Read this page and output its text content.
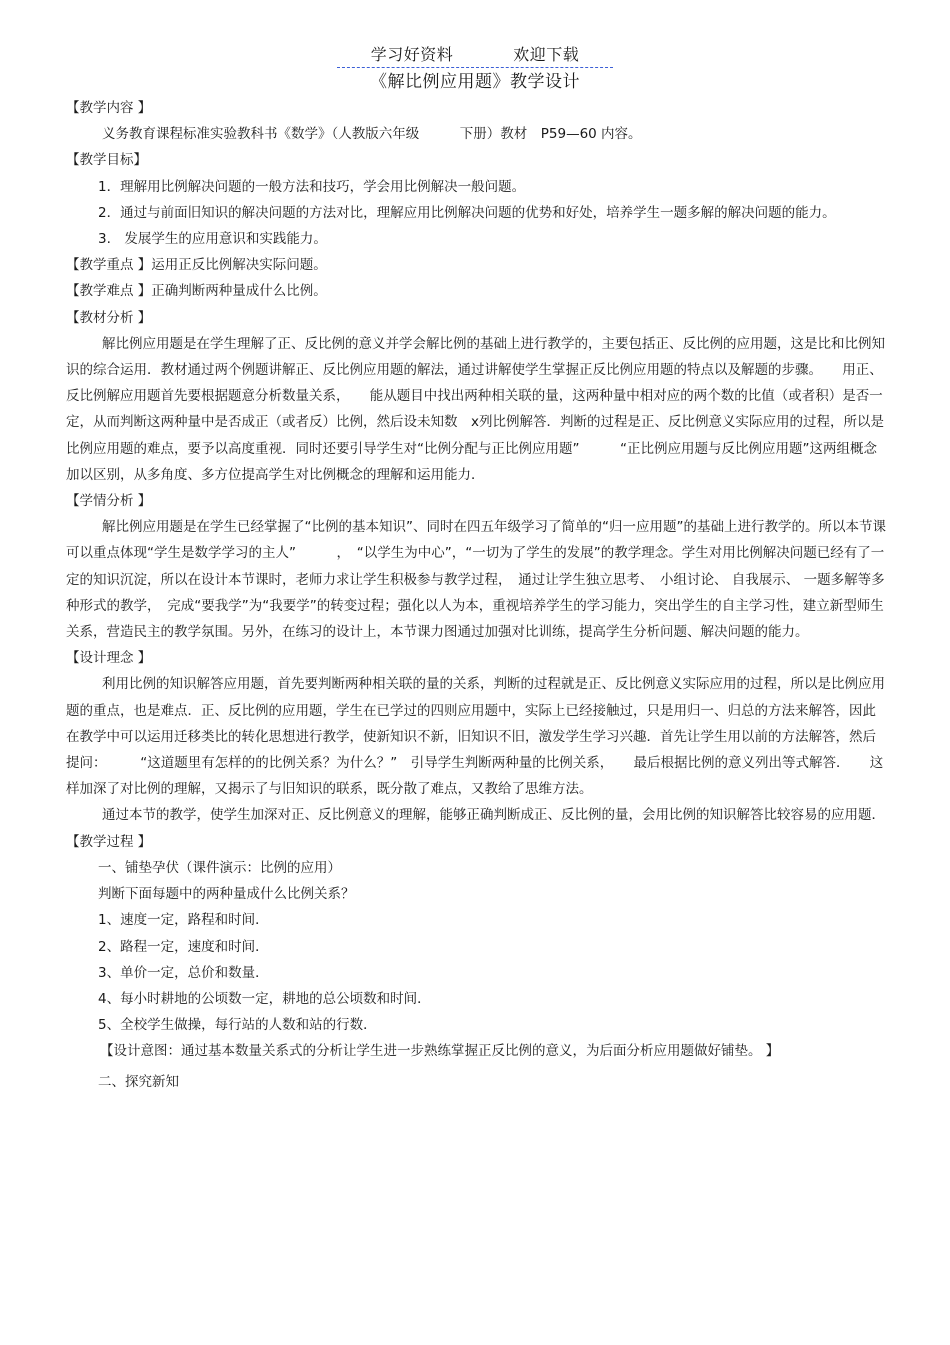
学习好资料	欢迎下载
《解比例应用题》教学设计

【教学内容 】

义务教育课程标准实验教科书《数学》（人教版六年级　　　下册）教材　P59—60 内容。

【教学目标】

1．理解用比例解决问题的一般方法和技巧，学会用比例解决一般问题。

2．通过与前面旧知识的解决问题的方法对比，理解应用比例解决问题的优势和好处，培养学生一题多解的解决问题的能力。

3.　发展学生的应用意识和实践能力。

【教学重点 】运用正反比例解决实际问题。

【教学难点 】正确判断两种量成什么比例。

【教材分析 】

解比例应用题是在学生理解了正、反比例的意义并学会解比例的基础上进行教学的，主要包括正、反比例的应用题，这是比和比例知识的综合运用．教材通过两个例题讲解正、反比例应用题的解法，通过讲解使学生掌握正反比例应用题的特点以及解题的步骤。　　用正、反比例解应用题首先要根据题意分析数量关系，　　能从题目中找出两种相关联的量，这两种量中相对应的两个数的比值（或者积）是否一定，从而判断这两种量中是否成正（或者反）比例，然后设未知数　x列比例解答．判断的过程是正、反比例意义实际应用的过程，所以是比例应用题的难点，要予以高度重视．同时还要引导学生对“比例分配与正比例应用题”　　　“正比例应用题与反比例应用题”这两组概念加以区别，从多角度、多方位提高学生对比例概念的理解和运用能力．

【学情分析 】

解比例应用题是在学生已经掌握了“比例的基本知识”、同时在四五年级学习了简单的“归一应用题”的基础上进行教学的。所以本节课可以重点体现“学生是数学学习的主人”　　　，　“以学生为中心”，“一切为了学生的发展”的教学理念。学生对用比例解决问题已经有了一定的知识沉淀，所以在设计本节课时，老师力求让学生积极参与教学过程，　通过让学生独立思考、　小组讨论、 自我展示、 一题多解等多种形式的教学，　完成“要我学”为“我要学”的转变过程；强化以人为本，重视培养学生的学习能力，突出学生的自主学习性，建立新型师生关系，营造民主的教学氛围。另外，在练习的设计上，本节课力图通过加强对比训练，提高学生分析问题、解决问题的能力。

【设计理念 】

利用比例的知识解答应用题，首先要判断两种相关联的量的关系，判断的过程就是正、反比例意义实际应用的过程，所以是比例应用题的重点，也是难点．正、反比例的应用题，学生在已学过的四则应用题中，实际上已经接触过，只是用归一、归总的方法来解答，因此在教学中可以运用迁移类比的转化思想进行教学，使新知识不新，旧知识不旧，激发学生学习兴趣．首先让学生用以前的方法解答，然后提问：　　　“这道题里有怎样的的比例关系？为什么？”　引导学生判断两种量的比例关系，　　最后根据比例的意义列出等式解答．　　这样加深了对比例的理解，又揭示了与旧知识的联系，既分散了难点，又教给了思维方法。

通过本节的教学，使学生加深对正、反比例意义的理解，能够正确判断成正、反比例的量，会用比例的知识解答比较容易的应用题．

【教学过程 】

一、铺垫孕伏（课件演示：比例的应用）

判断下面每题中的两种量成什么比例关系？

1、速度一定，路程和时间．

2、路程一定，速度和时间．

3、单价一定，总价和数量．

4、每小时耕地的公顷数一定，耕地的总公顷数和时间．

5、全校学生做操，每行站的人数和站的行数．

【设计意图：通过基本数量关系式的分析让学生进一步熟练掌握正反比例的意义，为后面分析应用题做好铺垫。 】

二、探究新知
